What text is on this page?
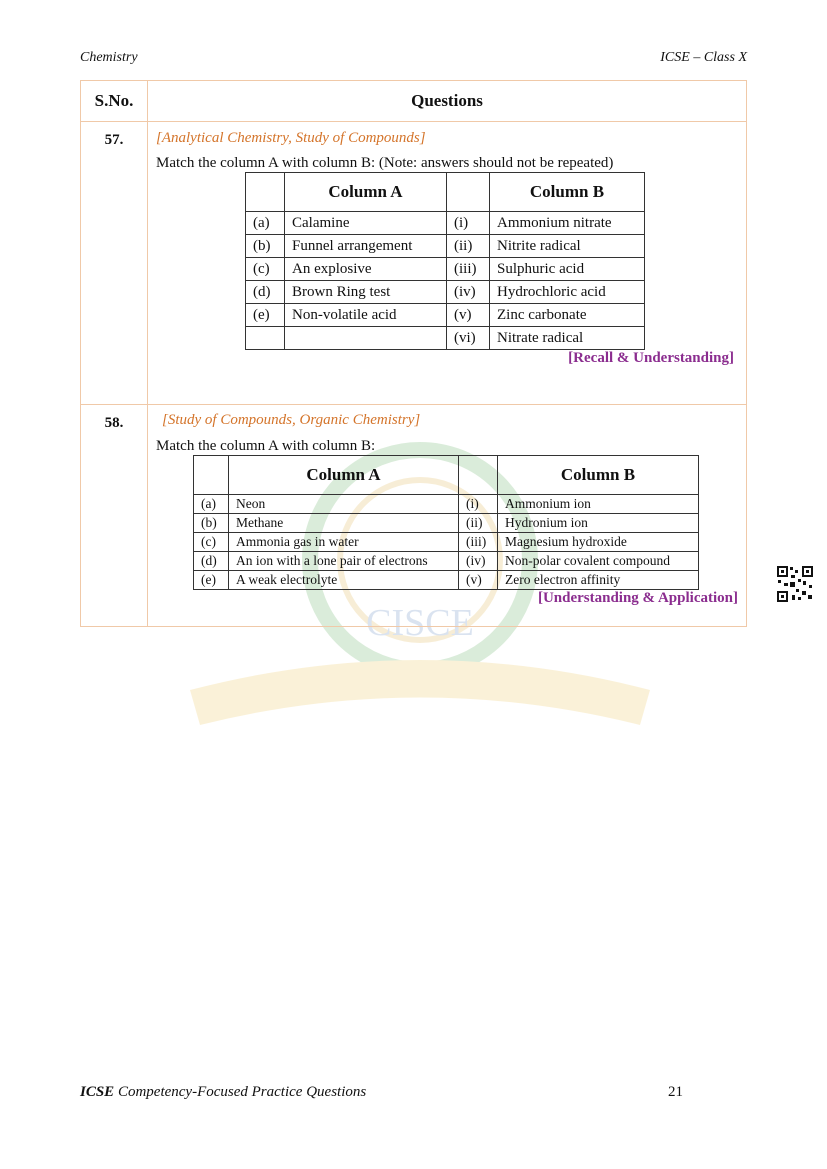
Chemistry	ICSE – Class X
CISCE
S.No.	Questions
57.	[Analytical Chemistry, Study of Compounds]

Match the column A with column B: (Note: answers should not be repeated)

	Column A		Column B
(a)	Calamine	(i)	Ammonium nitrate
(b)	Funnel arrangement	(ii)	Nitrite radical
(c)	An explosive	(iii)	Sulphuric acid
(d)	Brown Ring test	(iv)	Hydrochloric acid
(e)	Non-volatile acid	(v)	Zinc carbonate
		(vi)	Nitrate radical
[Recall & Understanding]

58.	[Study of Compounds, Organic Chemistry]

Match the column A with column B:

	Column A		Column B
(a)	Neon	(i)	Ammonium ion
(b)	Methane	(ii)	Hydronium ion
(c)	Ammonia gas in water	(iii)	Magnesium hydroxide
(d)	An ion with a lone pair of electrons	(iv)	Non-polar covalent compound
(e)	A weak electrolyte	(v)	Zero electron affinity
[Understanding & Application]
ICSE Competency-Focused Practice Questions	21
